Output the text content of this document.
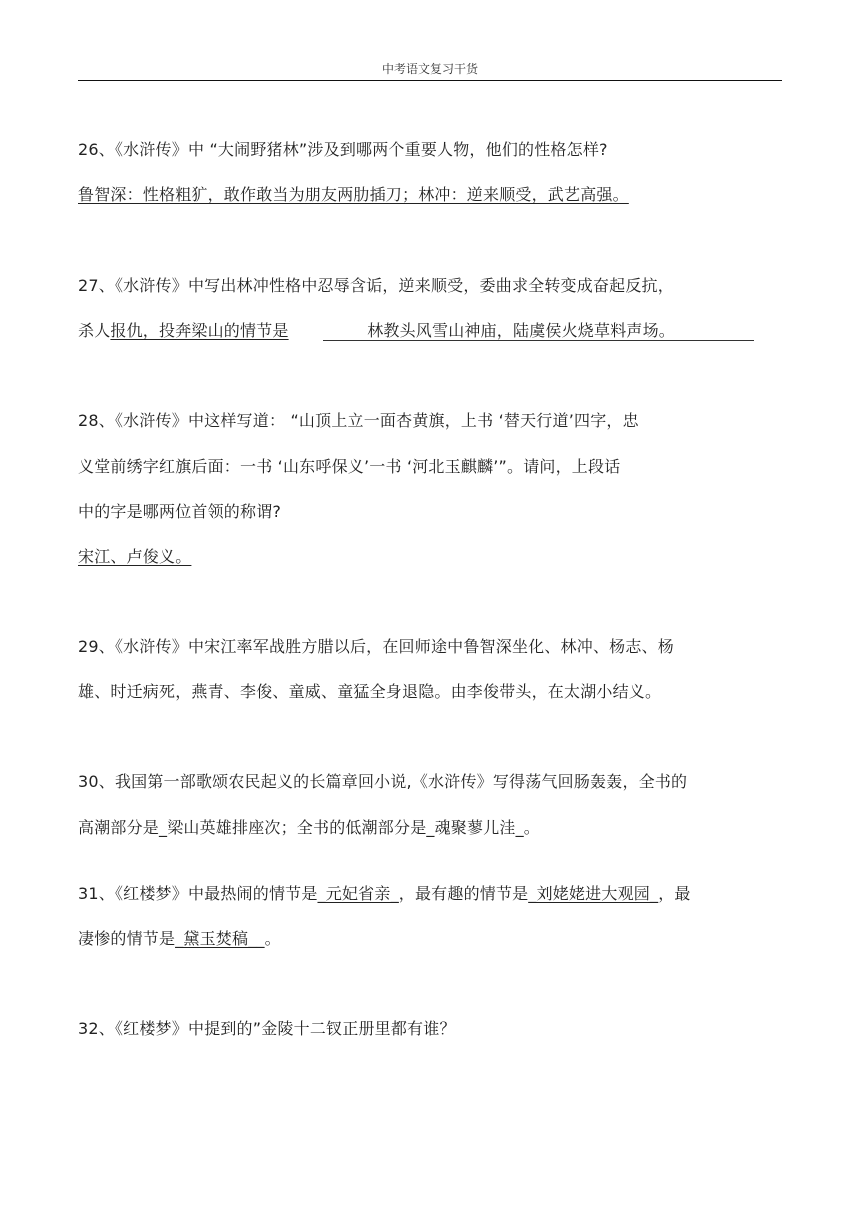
中考语文复习干货
26、《水浒传》中 “大闹野猪林”涉及到哪两个重要人物，他们的性格怎样?
鲁智深：性格粗犷，敢作敢当为朋友两肋插刀；林冲：逆来顺受，武艺高强。
27、《水浒传》中写出林冲性格中忍辱含诟，逆来顺受，委曲求全转变成奋起反抗，
杀人报仇，投奔梁山的情节是	林教头风雪山神庙，陆虞侯火烧草料声场。
28、《水浒传》中这样写道： “山顶上立一面杏黄旗，上书 ‘替天行道’四字，忠
义堂前绣字红旗后面：一书 ‘山东呼保义’一书 ‘河北玉麒麟’”。请问，上段话
中的字是哪两位首领的称谓?
宋江、卢俊义。
29、《水浒传》中宋江率军战胜方腊以后，在回师途中鲁智深坐化、林冲、杨志、杨
雄、时迁病死，燕青、李俊、童威、童猛全身退隐。由李俊带头，在太湖小结义。
30、我国第一部歌颂农民起义的长篇章回小说,《水浒传》写得荡气回肠轰轰，全书的
高潮部分是_梁山英雄排座次；全书的低潮部分是_魂聚蓼儿洼_。
31、《红楼梦》中最热闹的情节是_元妃省亲_，最有趣的情节是_刘姥姥进大观园_，最
凄惨的情节是_黛玉焚稿__。
32、《红楼梦》中提到的”金陵十二钗正册里都有谁？
